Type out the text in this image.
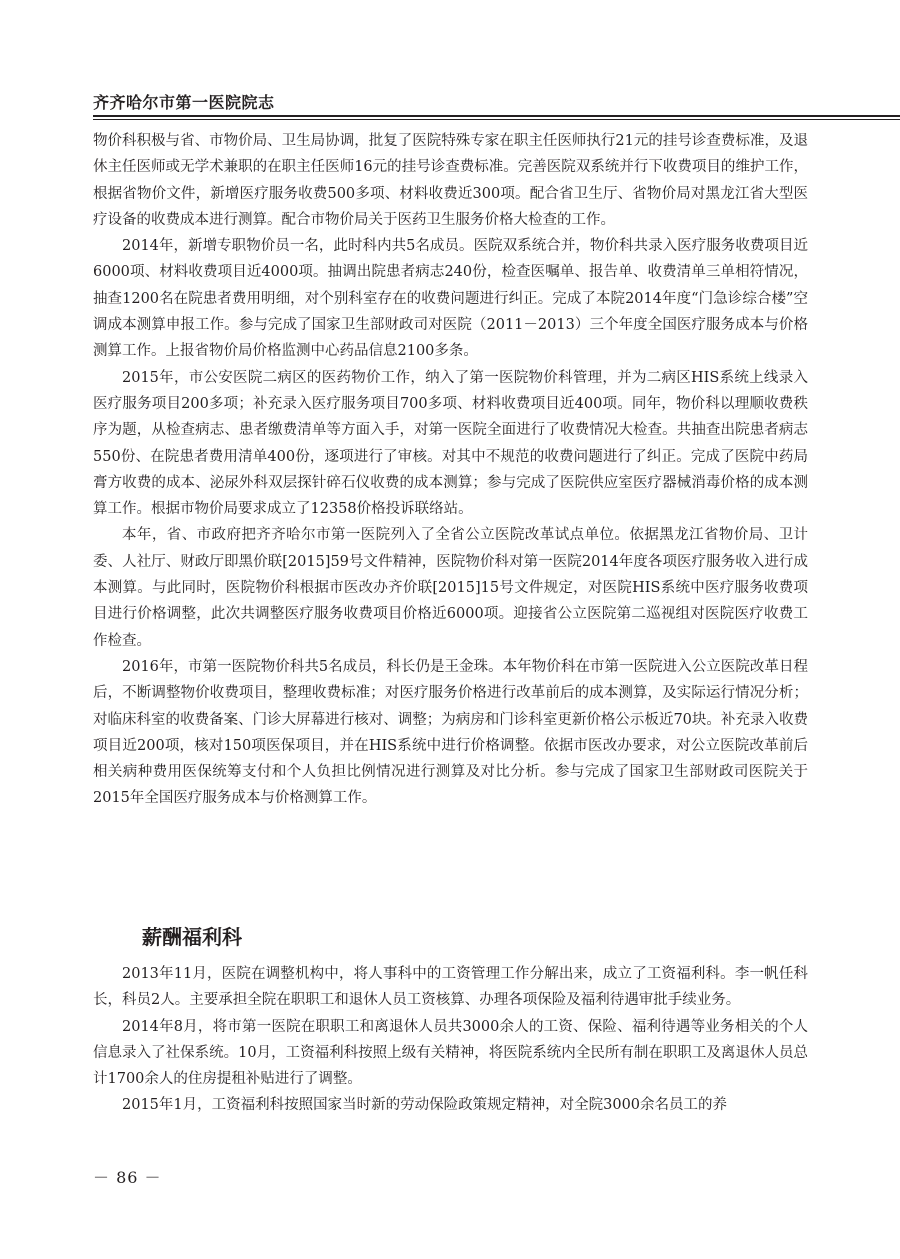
齐齐哈尔市第一医院院志

物价科积极与省、市物价局、卫生局协调，批复了医院特殊专家在职主任医师执行21元的挂号诊查费标准，及退休主任医师或无学术兼职的在职主任医师16元的挂号诊查费标准。完善医院双系统并行下收费项目的维护工作，根据省物价文件，新增医疗服务收费500多项、材料收费近300项。配合省卫生厅、省物价局对黑龙江省大型医疗设备的收费成本进行测算。配合市物价局关于医药卫生服务价格大检查的工作。

2014年，新增专职物价员一名，此时科内共5名成员。医院双系统合并，物价科共录入医疗服务收费项目近6000项、材料收费项目近4000项。抽调出院患者病志240份，检查医嘱单、报告单、收费清单三单相符情况，抽查1200名在院患者费用明细，对个别科室存在的收费问题进行纠正。完成了本院2014年度“门急诊综合楼”空调成本测算申报工作。参与完成了国家卫生部财政司对医院（2011－2013）三个年度全国医疗服务成本与价格测算工作。上报省物价局价格监测中心药品信息2100多条。

2015年，市公安医院二病区的医药物价工作，纳入了第一医院物价科管理，并为二病区HIS系统上线录入医疗服务项目200多项；补充录入医疗服务项目700多项、材料收费项目近400项。同年，物价科以理顺收费秩序为题，从检查病志、患者缴费清单等方面入手，对第一医院全面进行了收费情况大检查。共抽查出院患者病志550份、在院患者费用清单400份，逐项进行了审核。对其中不规范的收费问题进行了纠正。完成了医院中药局膏方收费的成本、泌尿外科双层探针碎石仪收费的成本测算；参与完成了医院供应室医疗器械消毒价格的成本测算工作。根据市物价局要求成立了12358价格投诉联络站。

本年，省、市政府把齐齐哈尔市第一医院列入了全省公立医院改革试点单位。依据黑龙江省物价局、卫计委、人社厅、财政厅即黑价联[2015]59号文件精神，医院物价科对第一医院2014年度各项医疗服务收入进行成本测算。与此同时，医院物价科根据市医改办齐价联[2015]15号文件规定，对医院HIS系统中医疗服务收费项目进行价格调整，此次共调整医疗服务收费项目价格近6000项。迎接省公立医院第二巡视组对医院医疗收费工作检查。

2016年，市第一医院物价科共5名成员，科长仍是王金珠。本年物价科在市第一医院进入公立医院改革日程后，不断调整物价收费项目，整理收费标准；对医疗服务价格进行改革前后的成本测算，及实际运行情况分析；对临床科室的收费备案、门诊大屏幕进行核对、调整；为病房和门诊科室更新价格公示板近70块。补充录入收费项目近200项，核对150项医保项目，并在HIS系统中进行价格调整。依据市医改办要求，对公立医院改革前后相关病种费用医保统筹支付和个人负担比例情况进行测算及对比分析。参与完成了国家卫生部财政司医院关于2015年全国医疗服务成本与价格测算工作。

薪酬福利科

2013年11月，医院在调整机构中，将人事科中的工资管理工作分解出来，成立了工资福利科。李一帆任科长，科员2人。主要承担全院在职职工和退休人员工资核算、办理各项保险及福利待遇审批手续业务。

2014年8月，将市第一医院在职职工和离退休人员共3000余人的工资、保险、福利待遇等业务相关的个人信息录入了社保系统。10月，工资福利科按照上级有关精神，将医院系统内全民所有制在职职工及离退休人员总计1700余人的住房提租补贴进行了调整。

2015年1月，工资福利科按照国家当时新的劳动保险政策规定精神，对全院3000余名员工的养

－ 86 －
